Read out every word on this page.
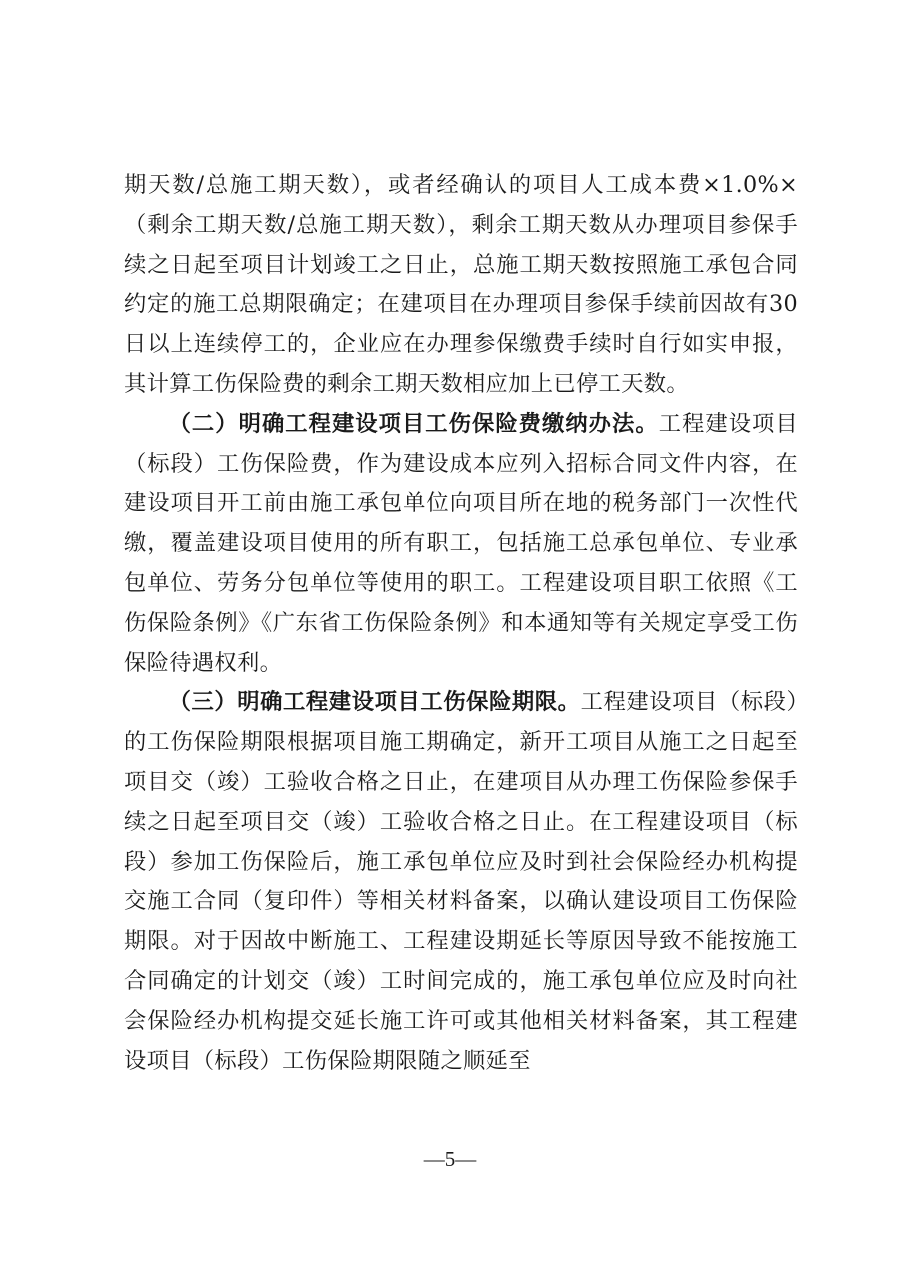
期天数/总施工期天数），或者经确认的项目人工成本费×1.0%×（剩余工期天数/总施工期天数），剩余工期天数从办理项目参保手续之日起至项目计划竣工之日止，总施工期天数按照施工承包合同约定的施工总期限确定；在建项目在办理项目参保手续前因故有30日以上连续停工的，企业应在办理参保缴费手续时自行如实申报，其计算工伤保险费的剩余工期天数相应加上已停工天数。

（二）明确工程建设项目工伤保险费缴纳办法。工程建设项目（标段）工伤保险费，作为建设成本应列入招标合同文件内容，在建设项目开工前由施工承包单位向项目所在地的税务部门一次性代缴，覆盖建设项目使用的所有职工，包括施工总承包单位、专业承包单位、劳务分包单位等使用的职工。工程建设项目职工依照《工伤保险条例》《广东省工伤保险条例》和本通知等有关规定享受工伤保险待遇权利。

（三）明确工程建设项目工伤保险期限。工程建设项目（标段）的工伤保险期限根据项目施工期确定，新开工项目从施工之日起至项目交（竣）工验收合格之日止，在建项目从办理工伤保险参保手续之日起至项目交（竣）工验收合格之日止。在工程建设项目（标段）参加工伤保险后，施工承包单位应及时到社会保险经办机构提交施工合同（复印件）等相关材料备案，以确认建设项目工伤保险期限。对于因故中断施工、工程建设期延长等原因导致不能按施工合同确定的计划交（竣）工时间完成的，施工承包单位应及时向社会保险经办机构提交延长施工许可或其他相关材料备案，其工程建设项目（标段）工伤保险期限随之顺延至

—5—
